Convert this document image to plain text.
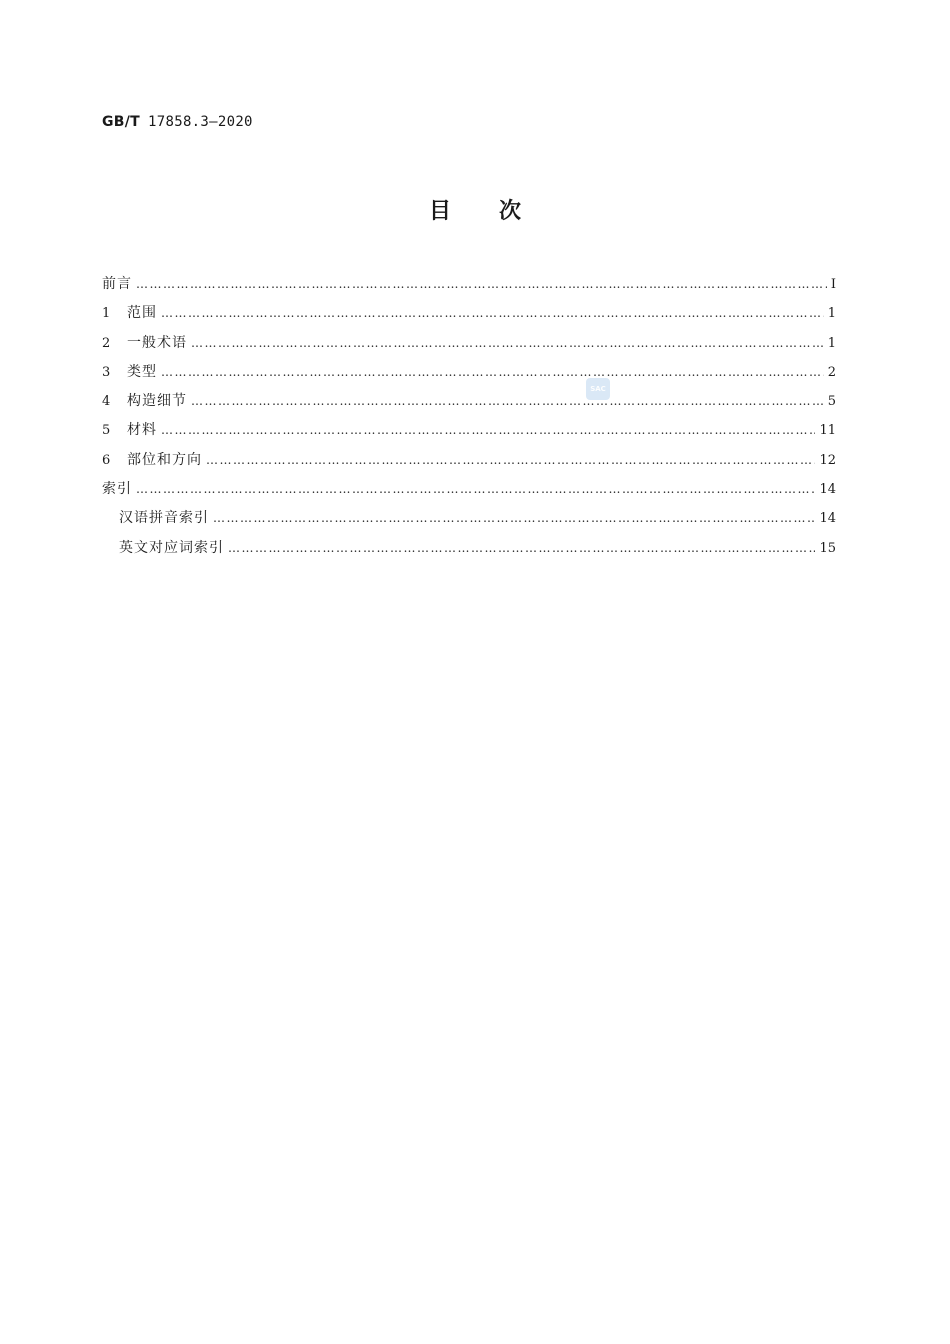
GB/T 17858.3—2020
目 次
SAC
前言 ………………………………………………………………………………………………………………………………………………………………………………………………………………………………	Ⅰ
1	范围 ………………………………………………………………………………………………………………………………………………………………………………………………………………………………	1
2	一般术语 ………………………………………………………………………………………………………………………………………………………………………………………………………………………………	1
3	类型 ………………………………………………………………………………………………………………………………………………………………………………………………………………………………	2
4	构造细节 ………………………………………………………………………………………………………………………………………………………………………………………………………………………………	5
5	材料 ………………………………………………………………………………………………………………………………………………………………………………………………………………………………	11
6	部位和方向 ………………………………………………………………………………………………………………………………………………………………………………………………………………………………	12
索引 ………………………………………………………………………………………………………………………………………………………………………………………………………………………………	14
汉语拼音索引 ………………………………………………………………………………………………………………………………………………………………………………………………………………………………	14
英文对应词索引 ………………………………………………………………………………………………………………………………………………………………………………………………………………………………	15
